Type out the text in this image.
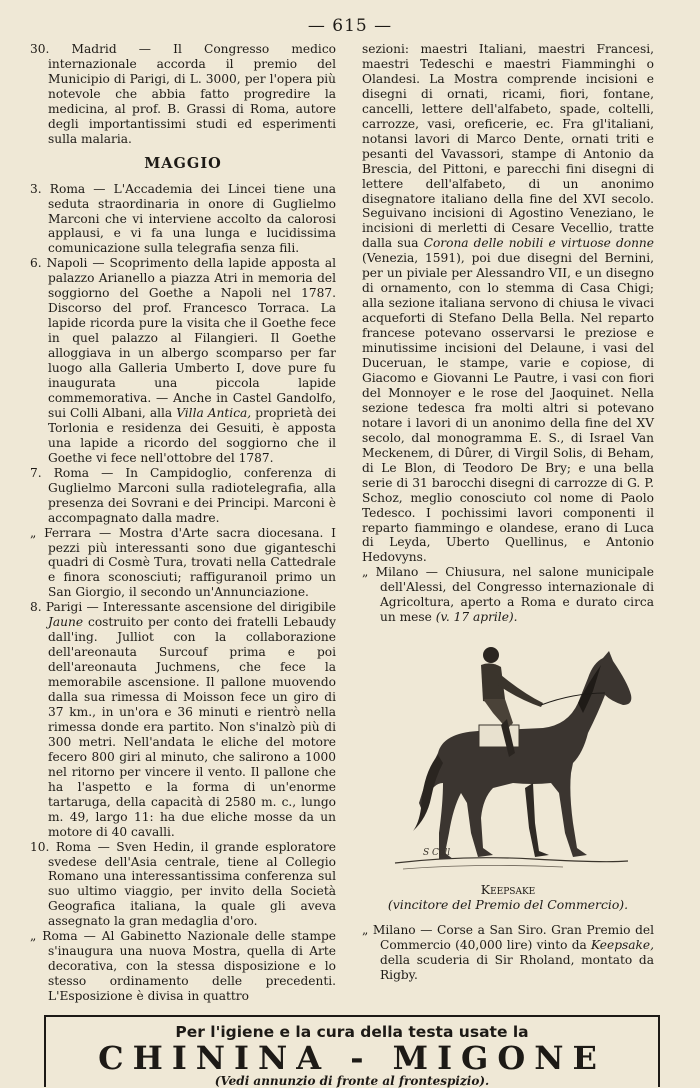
— 615 —

30. Madrid — Il Congresso medico internazionale accorda il premio del Municipio di Parigi, di L. 3000, per l'opera più notevole che abbia fatto progredire la medicina, al prof. B. Grassi di Roma, autore degli importantissimi studi ed esperimenti sulla malaria.

MAGGIO

3. Roma — L'Accademia dei Lincei tiene una seduta straordinaria in onore di Guglielmo Marconi che vi interviene accolto da calorosi applausi, e vi fa una lunga e lucidissima comunicazione sulla telegrafia senza fili.

6. Napoli — Scoprimento della lapide apposta al palazzo Arianello a piazza Atri in memoria del soggiorno del Goethe a Napoli nel 1787. Discorso del prof. Francesco Torraca. La lapide ricorda pure la visita che il Goethe fece in quel palazzo al Filangieri. Il Goethe alloggiava in un albergo scomparso per far luogo alla Galleria Umberto I, dove pure fu inaugurata una piccola lapide commemorativa. — Anche in Castel Gandolfo, sui Colli Albani, alla Villa Antica, proprietà dei Torlonia e residenza dei Gesuiti, è apposta una lapide a ricordo del soggiorno che il Goethe vi fece nell'ottobre del 1787.

7. Roma — In Campidoglio, conferenza di Guglielmo Marconi sulla radiotelegrafia, alla presenza dei Sovrani e dei Principi. Marconi è accompagnato dalla madre.

„ Ferrara — Mostra d'Arte sacra diocesana. I pezzi più interessanti sono due giganteschi quadri di Cosmè Tura, trovati nella Cattedrale e finora sconosciuti; raffiguranoil primo un San Giorgio, il secondo un'Annunciazione.

8. Parigi — Interessante ascensione del dirigibile Jaune costruito per conto dei fratelli Lebaudy dall'ing. Julliot con la collaborazione dell'areonauta Surcouf prima e poi dell'areonauta Juchmens, che fece la memorabile ascensione. Il pallone muovendo dalla sua rimessa di Moisson fece un giro di 37 km., in un'ora e 36 minuti e rientrò nella rimessa donde era partito. Non s'inalzò più di 300 metri. Nell'andata le eliche del motore fecero 800 giri al minuto, che salirono a 1000 nel ritorno per vincere il vento. Il pallone che ha l'aspetto e la forma di un'enorme tartaruga, della capacità di 2580 m. c., lungo m. 49, largo 11: ha due eliche mosse da un motore di 40 cavalli.

10. Roma — Sven Hedin, il grande esploratore svedese dell'Asia centrale, tiene al Collegio Romano una interessantissima conferenza sul suo ultimo viaggio, per invito della Società Geografica italiana, la quale gli aveva assegnato la gran medaglia d'oro.

„ Roma — Al Gabinetto Nazionale delle stampe s'inaugura una nuova Mostra, quella di Arte decorativa, con la stessa disposizione e lo stesso ordinamento delle precedenti. L'Esposizione è divisa in quattro

sezioni: maestri Italiani, maestri Francesi, maestri Tedeschi e maestri Fiamminghi o Olandesi. La Mostra comprende incisioni e disegni di ornati, ricami, fiori, fontane, cancelli, lettere dell'alfabeto, spade, coltelli, carrozze, vasi, oreficerie, ec. Fra gl'italiani, notansi lavori di Marco Dente, ornati triti e pesanti del Vavassori, stampe di Antonio da Brescia, del Pittoni, e parecchi fini disegni di lettere dell'alfabeto, di un anonimo disegnatore italiano della fine del XVI secolo. Seguivano incisioni di Agostino Veneziano, le incisioni di merletti di Cesare Vecellio, tratte dalla sua Corona delle nobili e virtuose donne (Venezia, 1591), poi due disegni del Bernini, per un piviale per Alessandro VII, e un disegno di ornamento, con lo stemma di Casa Chigi; alla sezione italiana servono di chiusa le vivaci acqueforti di Stefano Della Bella. Nel reparto francese potevano osservarsi le preziose e minutissime incisioni del Delaune, i vasi del Duceruan, le stampe, varie e copiose, di Giacomo e Giovanni Le Pautre, i vasi con fiori del Monnoyer e le rose del Jaoquinet. Nella sezione tedesca fra molti altri si potevano notare i lavori di un anonimo della fine del XV secolo, dal monogramma E. S., di Israel Van Meckenem, di Dûrer, di Virgil Solis, di Beham, di Le Blon, di Teodoro De Bry; e una bella serie di 31 barocchi disegni di carrozze di G. P. Schoz, meglio conosciuto col nome di Paolo Tedesco. I pochissimi lavori componenti il reparto fiammingo e olandese, erano di Luca di Leyda, Uberto Quellinus, e Antonio Hedovyns.

„ Milano — Chiusura, nel salone municipale dell'Alessi, del Congresso internazionale di Agricoltura, aperto a Roma e durato circa un mese (v. 17 aprile).

S Coll
Keepsake
(vincitore del Premio del Commercio).

„ Milano — Corse a San Siro. Gran Premio del Commercio (40,000 lire) vinto da Keepsake, della scuderia di Sir Rholand, montato da Rigby.

Per l'igiene e la cura della testa usate la
CHININA - MIGONE
(Vedi annunzio di fronte al frontespizio).
